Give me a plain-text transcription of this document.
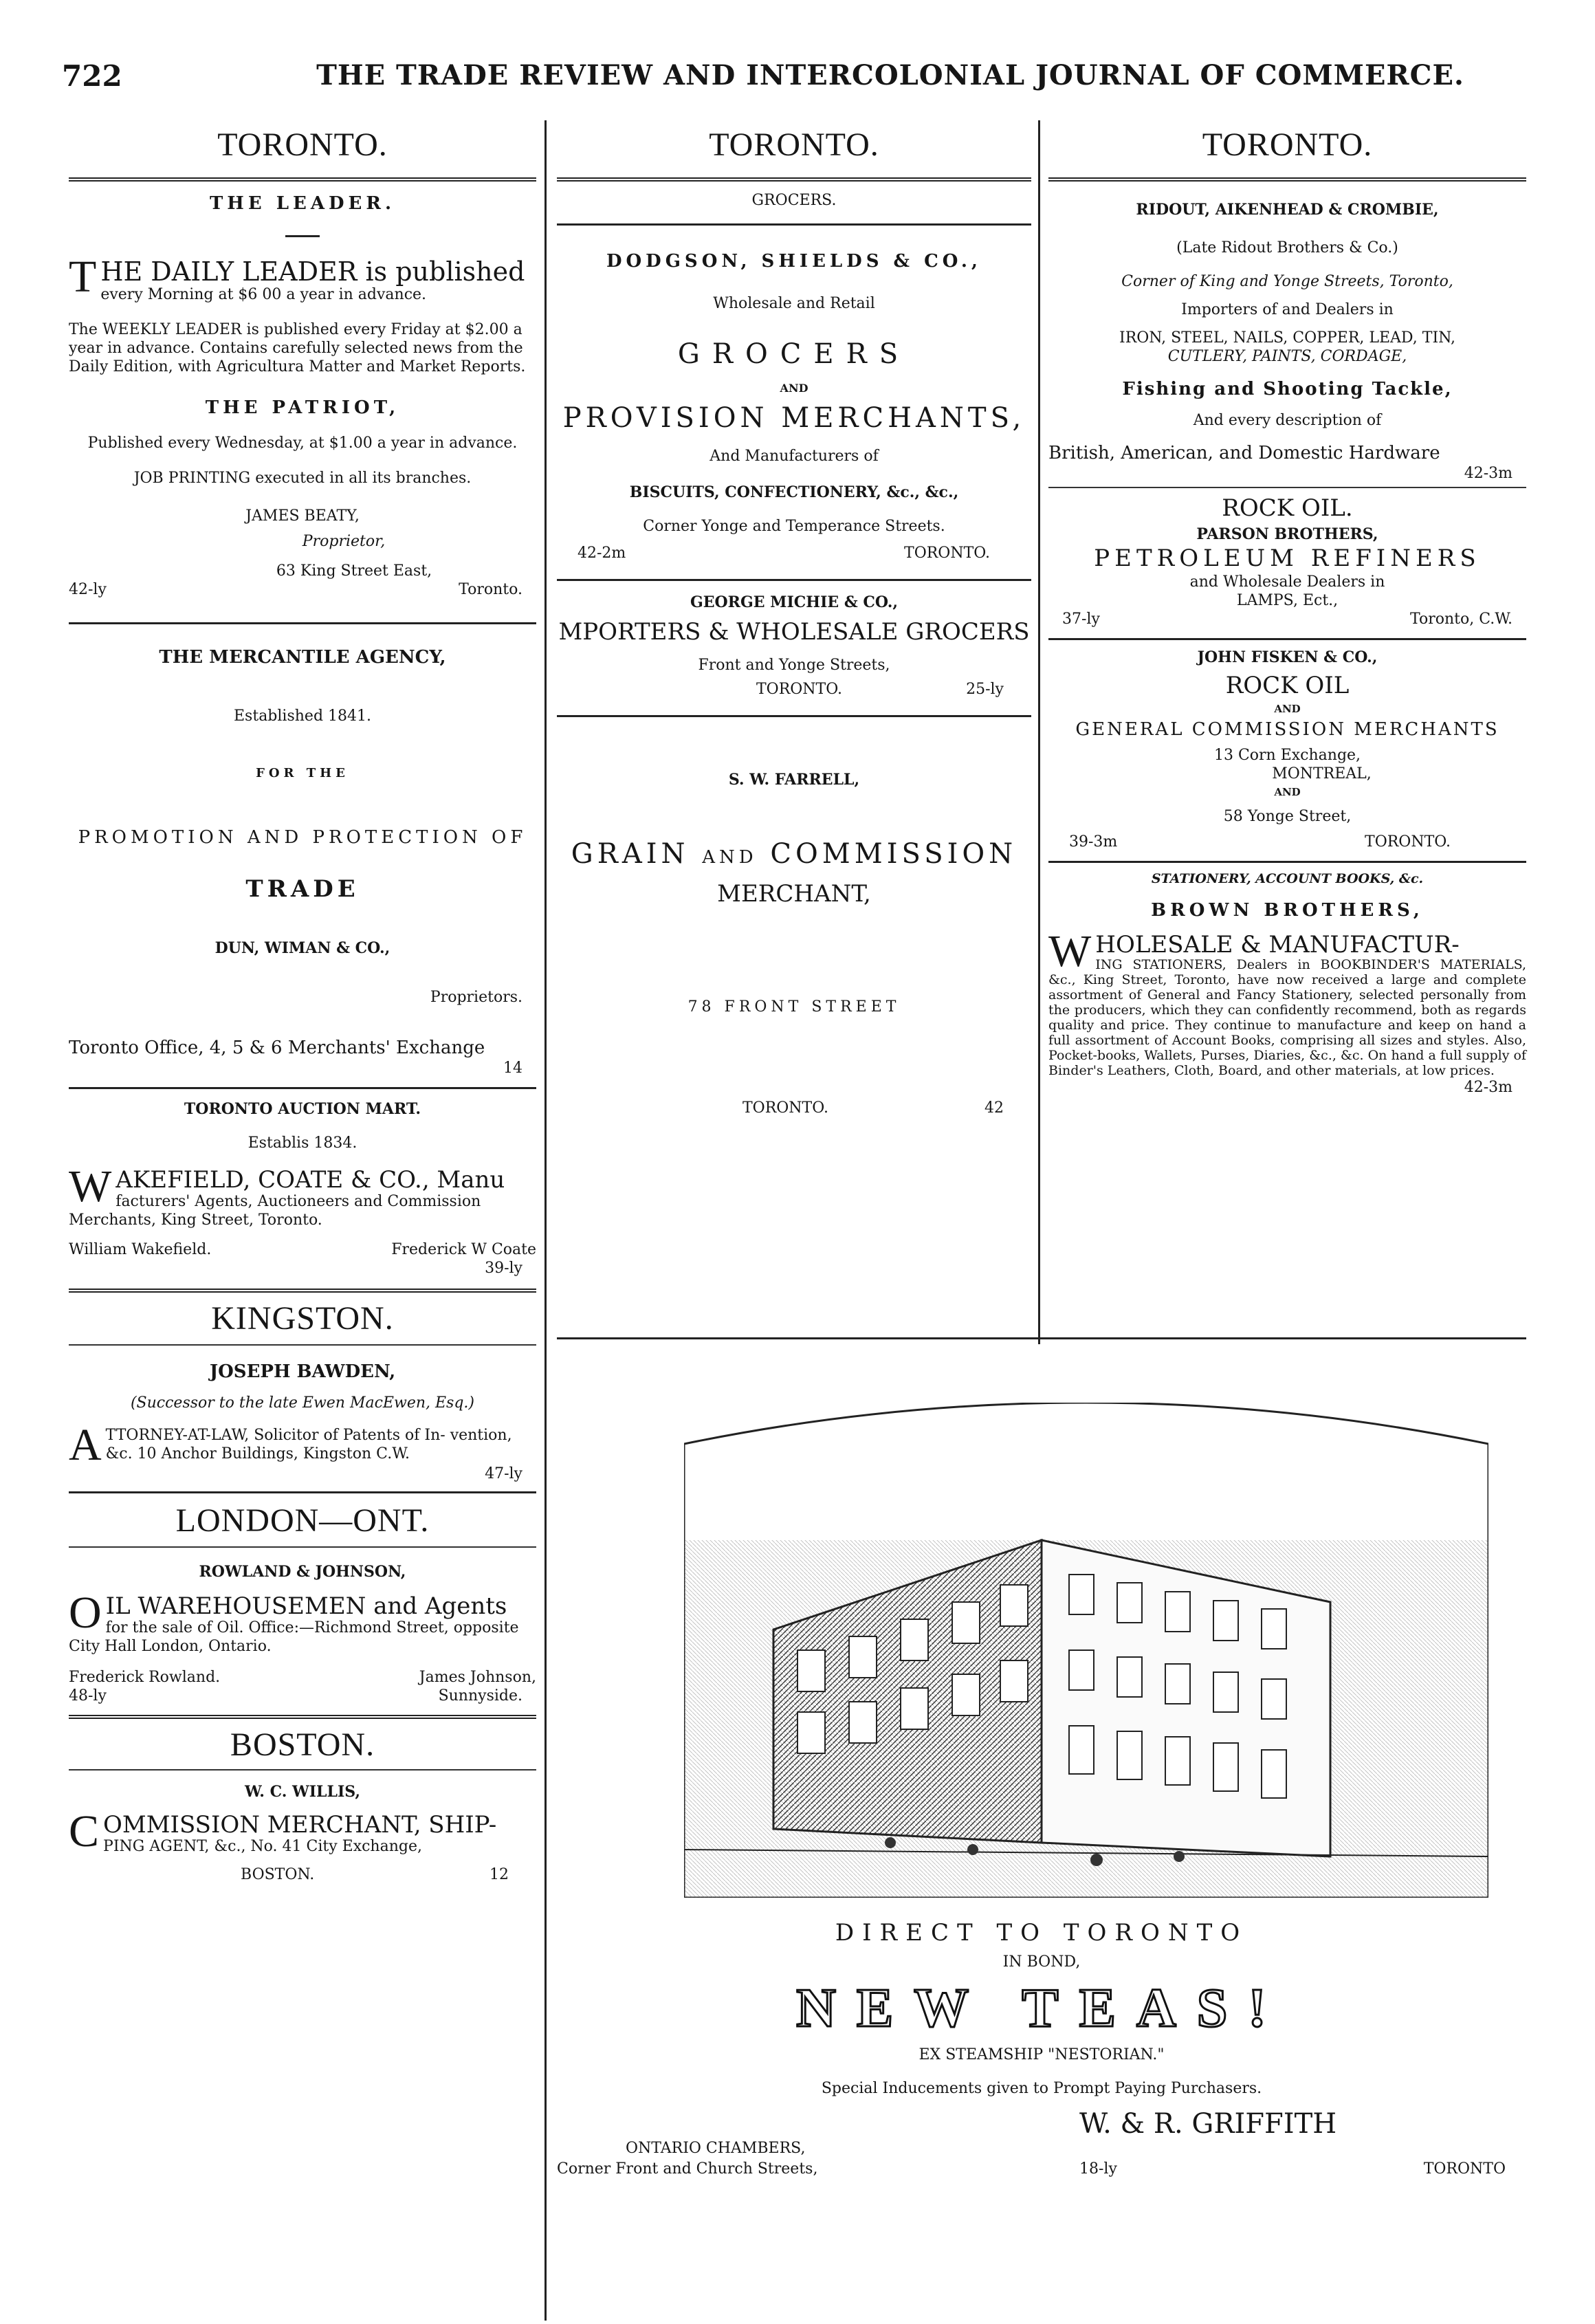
722	THE TRADE REVIEW AND INTERCOLONIAL JOURNAL OF COMMERCE.

TORONTO.

THE LEADER.

THE DAILY LEADER is published

every Morning at $6 00 a year in advance.

The WEEKLY LEADER is published every Friday at $2.00 a year in advance. Contains carefully selected news from the Daily Edition, with Agricultura Matter and Market Reports.

THE PATRIOT,

Published every Wednesday, at $1.00 a year in advance.

JOB PRINTING executed in all its branches.

JAMES BEATY,

Proprietor,

63 King Street East,

42-ly	Toronto.

THE MERCANTILE AGENCY,

Established 1841.

FOR THE

PROMOTION AND PROTECTION OF

TRADE

DUN, WIMAN & CO.,

Proprietors.

Toronto Office, 4, 5 & 6 Merchants' Exchange

14

TORONTO AUCTION MART.

Establis 1834.

WAKEFIELD, COATE & CO., Manu

facturers' Agents, Auctioneers and Commission Merchants, King Street, Toronto.

William Wakefield.	Frederick W Coate

39-ly

KINGSTON.

JOSEPH BAWDEN,

(Successor to the late Ewen MacEwen, Esq.)

ATTORNEY-AT-LAW, Solicitor of Patents of In- vention, &c. 10 Anchor Buildings, Kingston C.W.

47-ly

LONDON—ONT.

ROWLAND & JOHNSON,

OIL WAREHOUSEMEN and Agents

for the sale of Oil. Office:—Richmond Street, opposite City Hall London, Ontario.

Frederick Rowland.	James Johnson,
48-ly	Sunnyside.

BOSTON.

W. C. WILLIS,

COMMISSION MERCHANT, SHIP-

PING AGENT, &c., No. 41 City Exchange,

BOSTON.	12

TORONTO.

GROCERS.

DODGSON, SHIELDS & CO.,

Wholesale and Retail

GROCERS

AND

PROVISION MERCHANTS,

And Manufacturers of

BISCUITS, CONFECTIONERY, &c., &c.,

Corner Yonge and Temperance Streets.

42-2m	TORONTO.

GEORGE MICHIE & CO.,

MPORTERS & WHOLESALE GROCERS

Front and Yonge Streets,

TORONTO.	25-ly

S. W. FARRELL,

GRAIN AND COMMISSION

MERCHANT,

78 FRONT STREET

TORONTO.	42

TORONTO.

RIDOUT, AIKENHEAD & CROMBIE,

(Late Ridout Brothers & Co.)

Corner of King and Yonge Streets, Toronto,

Importers of and Dealers in

IRON, STEEL, NAILS, COPPER, LEAD, TIN,

CUTLERY, PAINTS, CORDAGE,

Fishing and Shooting Tackle,

And every description of

British, American, and Domestic Hardware

42-3m

ROCK OIL.

PARSON BROTHERS,

PETROLEUM REFINERS

and Wholesale Dealers in

LAMPS, Ect.,

37-ly	Toronto, C.W.

JOHN FISKEN & CO.,

ROCK OIL

AND

GENERAL COMMISSION MERCHANTS

13 Corn Exchange,

MONTREAL,

AND

58 Yonge Street,

39-3m	TORONTO.

STATIONERY, ACCOUNT BOOKS, &c.

BROWN BROTHERS,

WHOLESALE & MANUFACTUR-

ING STATIONERS, Dealers in BOOKBINDER'S MATERIALS, &c., King Street, Toronto, have now received a large and complete assortment of General and Fancy Stationery, selected personally from the producers, which they can confidently recommend, both as regards quality and price. They continue to manufacture and keep on hand a full assortment of Account Books, comprising all sizes and styles. Also, Pocket-books, Wallets, Purses, Diaries, &c., &c. On hand a full supply of Binder's Leathers, Cloth, Board, and other materials, at low prices.

42-3m

DIRECT TO TORONTO

IN BOND,

NEW TEAS!

EX STEAMSHIP "NESTORIAN."

Special Inducements given to Prompt Paying Purchasers.

ONTARIO CHAMBERS,

Corner Front and Church Streets,

W. & R. GRIFFITH

18-ly	TORONTO
